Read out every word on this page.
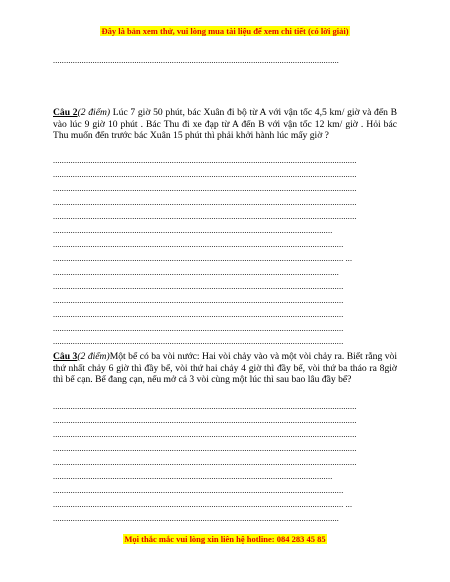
Đây là bản xem thử, vui lòng mua tài liệu để xem chi tiết (có lời giải)
..................................................................................................................................
Câu 2(2 điểm) Lúc 7 giờ 50 phút, bác Xuân đi bộ từ A với vận tốc 4,5 km/ giờ và đến B vào lúc 9 giờ 10 phút . Bác Thu đi xe đạp từ A đến B với vận tốc 12 km/ giờ . Hỏi bác Thu muốn đến trước bác Xuân 15 phút thì phải khởi hành lúc mấy giờ ?
..........................................................................................................................................
..........................................................................................................................................
..........................................................................................................................................
..........................................................................................................................................
..........................................................................................................................................
...............................................................................................................................
....................................................................................................................................
.................................................................................................................................... ...
..................................................................................................................................
....................................................................................................................................
....................................................................................................................................
....................................................................................................................................
....................................................................................................................................
....................................................................................................................................
Câu 3(2 điểm)Một bể có ba vòi nước: Hai vòi chảy vào và một vòi chảy ra. Biết rằng vòi thứ nhất chảy 6 giờ thì đầy bể, vòi thứ hai chảy 4 giờ thì đầy bể, vòi thứ ba tháo ra 8giờ thì bể cạn. Bể đang cạn, nếu mở cả 3 vòi cùng một lúc thì sau bao lâu đầy bể?
..........................................................................................................................................
..........................................................................................................................................
..........................................................................................................................................
..........................................................................................................................................
..........................................................................................................................................
...............................................................................................................................
....................................................................................................................................
.................................................................................................................................... ...
..................................................................................................................................
Mọi thắc mắc vui lòng xin liên hệ hotline: 084 283 45 85
